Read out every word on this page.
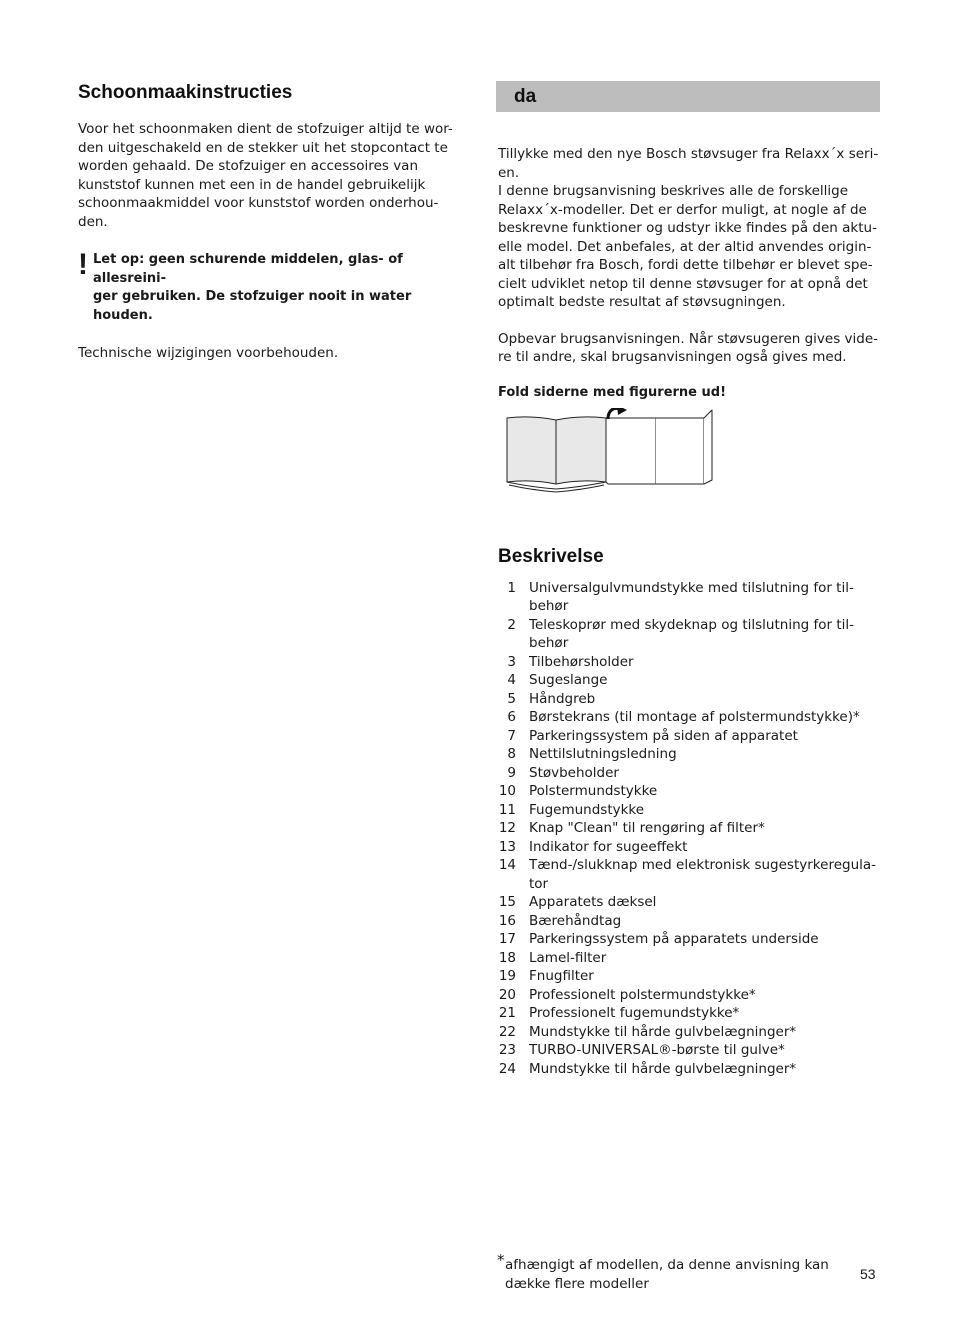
Schoonmaakinstructies

Voor het schoonmaken dient de stofzuiger altijd te wor-
den uitgeschakeld en de stekker uit het stopcontact te
worden gehaald. De stofzuiger en accessoires van
kunststof kunnen met een in de handel gebruikelijk
schoonmaakmiddel voor kunststof worden onderhou-
den.

! Let op: geen schurende middelen, glas- of allesreini-
ger gebruiken. De stofzuiger nooit in water houden.

Technische wijzigingen voorbehouden.

da

Tillykke med den nye Bosch støvsuger fra Relaxx´x seri-
en.
I denne brugsanvisning beskrives alle de forskellige
Relaxx´x-modeller. Det er derfor muligt, at nogle af de
beskrevne funktioner og udstyr ikke findes på den aktu-
elle model. Det anbefales, at der altid anvendes origin-
alt tilbehør fra Bosch, fordi dette tilbehør er blevet spe-
cielt udviklet netop til denne støvsuger for at opnå det
optimalt bedste resultat af støvsugningen.

Opbevar brugsanvisningen. Når støvsugeren gives vide-
re til andre, skal brugsanvisningen også gives med.

Fold siderne med figurerne ud!

Beskrivelse
1 Universalgulvmundstykke med tilslutning for til-
behør
2 Teleskoprør med skydeknap og tilslutning for til-
behør
3 Tilbehørsholder
4 Sugeslange
5 Håndgreb
6 Børstekrans (til montage af polstermundstykke)*
7 Parkeringssystem på siden af apparatet
8 Nettilslutningsledning
9 Støvbeholder
10 Polstermundstykke
11 Fugemundstykke
12 Knap "Clean" til rengøring af filter*
13 Indikator for sugeeffekt
14 Tænd-/slukknap med elektronisk sugestyrkeregula-
tor
15 Apparatets dæksel
16 Bærehåndtag
17 Parkeringssystem på apparatets underside
18 Lamel-filter
19 Fnugfilter
20 Professionelt polstermundstykke*
21 Professionelt fugemundstykke*
22 Mundstykke til hårde gulvbelægninger*
23 TURBO-UNIVERSAL®-børste til gulve*
24 Mundstykke til hårde gulvbelægninger*
* afhængigt af modellen, da denne anvisning kan
dække flere modeller
53
